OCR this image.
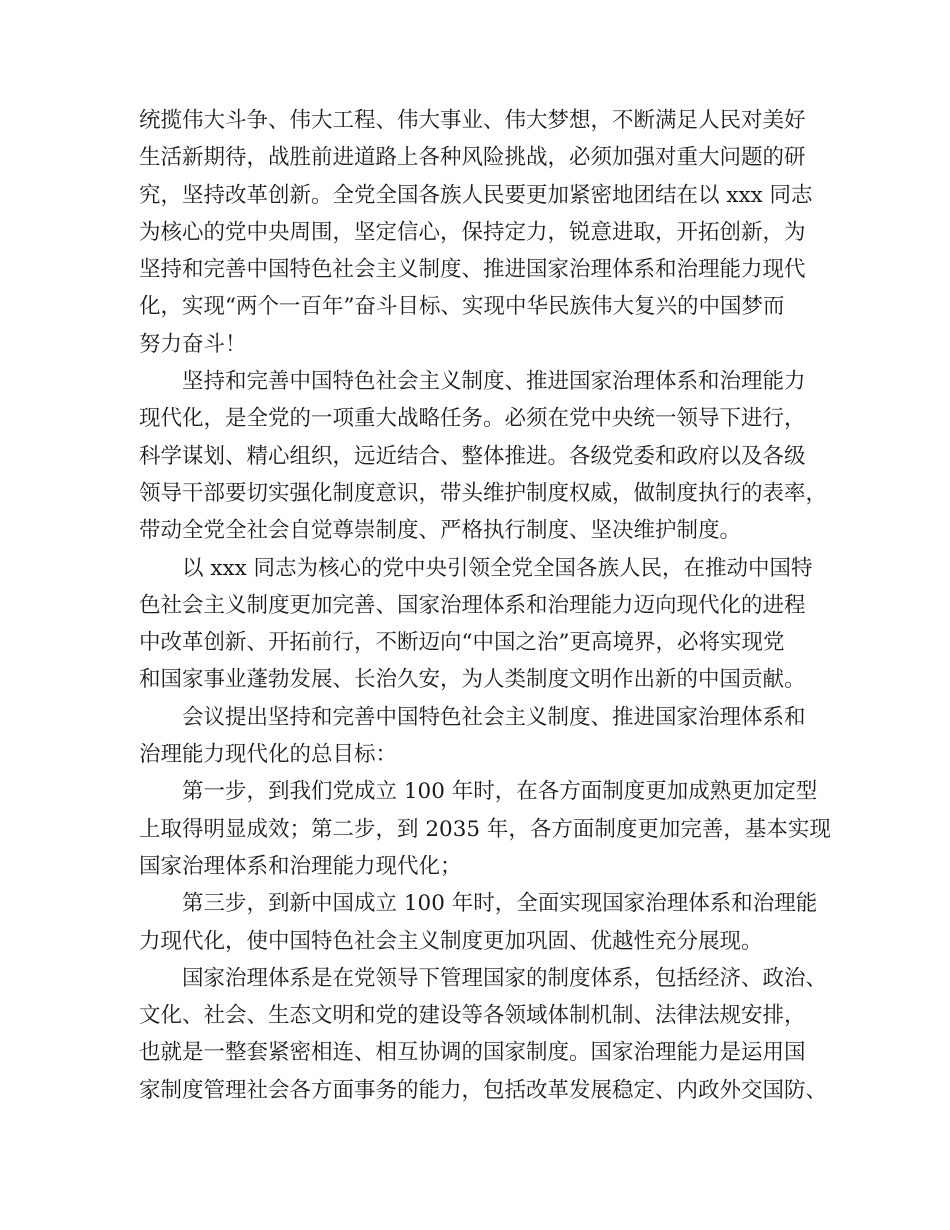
统揽伟大斗争、伟大工程、伟大事业、伟大梦想，不断满足人民对美好
生活新期待，战胜前进道路上各种风险挑战，必须加强对重大问题的研
究，坚持改革创新。全党全国各族人民要更加紧密地团结在以 xxx 同志
为核心的党中央周围，坚定信心，保持定力，锐意进取，开拓创新，为
坚持和完善中国特色社会主义制度、推进国家治理体系和治理能力现代
化，实现“两个一百年”奋斗目标、实现中华民族伟大复兴的中国梦而
努力奋斗！
坚持和完善中国特色社会主义制度、推进国家治理体系和治理能力
现代化，是全党的一项重大战略任务。必须在党中央统一领导下进行，
科学谋划、精心组织，远近结合、整体推进。各级党委和政府以及各级
领导干部要切实强化制度意识，带头维护制度权威，做制度执行的表率，
带动全党全社会自觉尊崇制度、严格执行制度、坚决维护制度。
以 xxx 同志为核心的党中央引领全党全国各族人民，在推动中国特
色社会主义制度更加完善、国家治理体系和治理能力迈向现代化的进程
中改革创新、开拓前行，不断迈向“中国之治”更高境界，必将实现党
和国家事业蓬勃发展、长治久安，为人类制度文明作出新的中国贡献。
会议提出坚持和完善中国特色社会主义制度、推进国家治理体系和
治理能力现代化的总目标：
第一步，到我们党成立 100 年时，在各方面制度更加成熟更加定型
上取得明显成效；第二步，到 2035 年，各方面制度更加完善，基本实现
国家治理体系和治理能力现代化；
第三步，到新中国成立 100 年时，全面实现国家治理体系和治理能
力现代化，使中国特色社会主义制度更加巩固、优越性充分展现。
国家治理体系是在党领导下管理国家的制度体系，包括经济、政治、
文化、社会、生态文明和党的建设等各领域体制机制、法律法规安排，
也就是一整套紧密相连、相互协调的国家制度。国家治理能力是运用国
家制度管理社会各方面事务的能力，包括改革发展稳定、内政外交国防、
